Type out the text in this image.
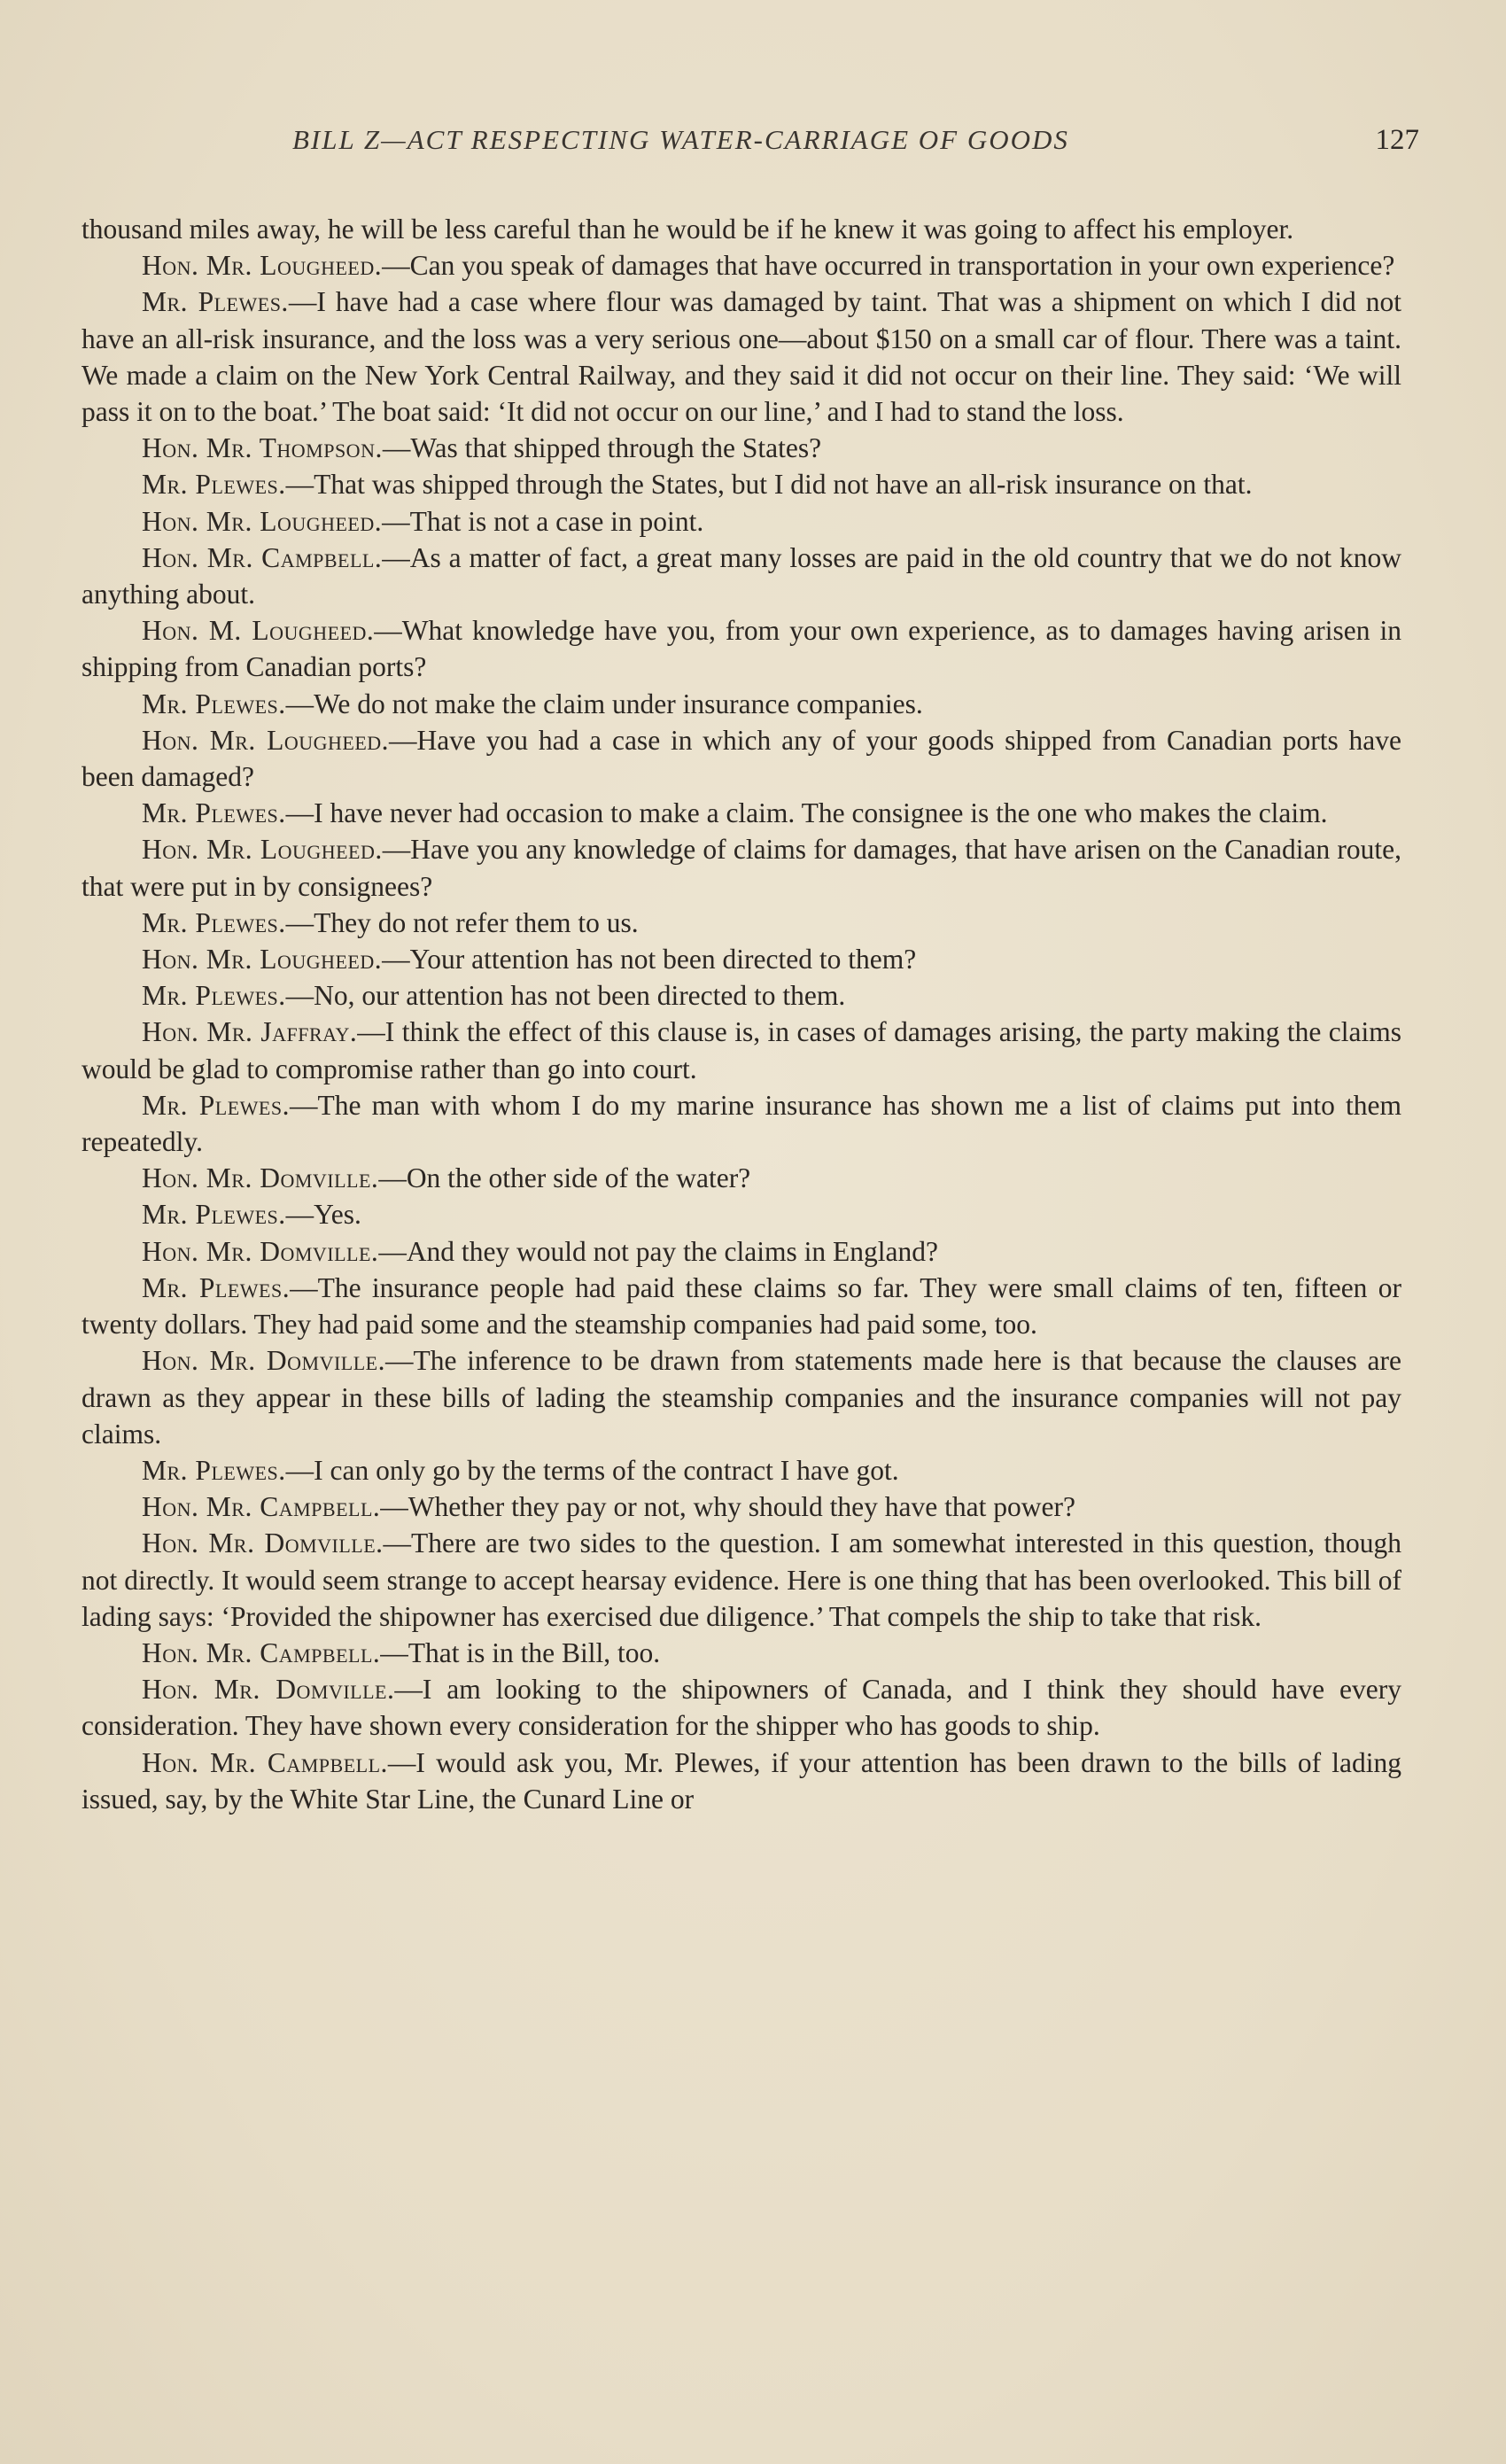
BILL Z—ACT RESPECTING WATER-CARRIAGE OF GOODS	127

thousand miles away, he will be less careful than he would be if he knew it was going to affect his employer.

Hon. Mr. Lougheed.—Can you speak of damages that have occurred in transportation in your own experience?

Mr. Plewes.—I have had a case where flour was damaged by taint. That was a shipment on which I did not have an all-risk insurance, and the loss was a very serious one—about $150 on a small car of flour. There was a taint. We made a claim on the New York Central Railway, and they said it did not occur on their line. They said: ‘We will pass it on to the boat.’ The boat said: ‘It did not occur on our line,’ and I had to stand the loss.

Hon. Mr. Thompson.—Was that shipped through the States?

Mr. Plewes.—That was shipped through the States, but I did not have an all-risk insurance on that.

Hon. Mr. Lougheed.—That is not a case in point.

Hon. Mr. Campbell.—As a matter of fact, a great many losses are paid in the old country that we do not know anything about.

Hon. M. Lougheed.—What knowledge have you, from your own experience, as to damages having arisen in shipping from Canadian ports?

Mr. Plewes.—We do not make the claim under insurance companies.

Hon. Mr. Lougheed.—Have you had a case in which any of your goods shipped from Canadian ports have been damaged?

Mr. Plewes.—I have never had occasion to make a claim. The consignee is the one who makes the claim.

Hon. Mr. Lougheed.—Have you any knowledge of claims for damages, that have arisen on the Canadian route, that were put in by consignees?

Mr. Plewes.—They do not refer them to us.

Hon. Mr. Lougheed.—Your attention has not been directed to them?

Mr. Plewes.—No, our attention has not been directed to them.

Hon. Mr. Jaffray.—I think the effect of this clause is, in cases of damages arising, the party making the claims would be glad to compromise rather than go into court.

Mr. Plewes.—The man with whom I do my marine insurance has shown me a list of claims put into them repeatedly.

Hon. Mr. Domville.—On the other side of the water?

Mr. Plewes.—Yes.

Hon. Mr. Domville.—And they would not pay the claims in England?

Mr. Plewes.—The insurance people had paid these claims so far. They were small claims of ten, fifteen or twenty dollars. They had paid some and the steamship companies had paid some, too.

Hon. Mr. Domville.—The inference to be drawn from statements made here is that because the clauses are drawn as they appear in these bills of lading the steamship companies and the insurance companies will not pay claims.

Mr. Plewes.—I can only go by the terms of the contract I have got.

Hon. Mr. Campbell.—Whether they pay or not, why should they have that power?

Hon. Mr. Domville.—There are two sides to the question. I am somewhat interested in this question, though not directly. It would seem strange to accept hearsay evidence. Here is one thing that has been overlooked. This bill of lading says: ‘Provided the shipowner has exercised due diligence.’ That compels the ship to take that risk.

Hon. Mr. Campbell.—That is in the Bill, too.

Hon. Mr. Domville.—I am looking to the shipowners of Canada, and I think they should have every consideration. They have shown every consideration for the shipper who has goods to ship.

Hon. Mr. Campbell.—I would ask you, Mr. Plewes, if your attention has been drawn to the bills of lading issued, say, by the White Star Line, the Cunard Line or
